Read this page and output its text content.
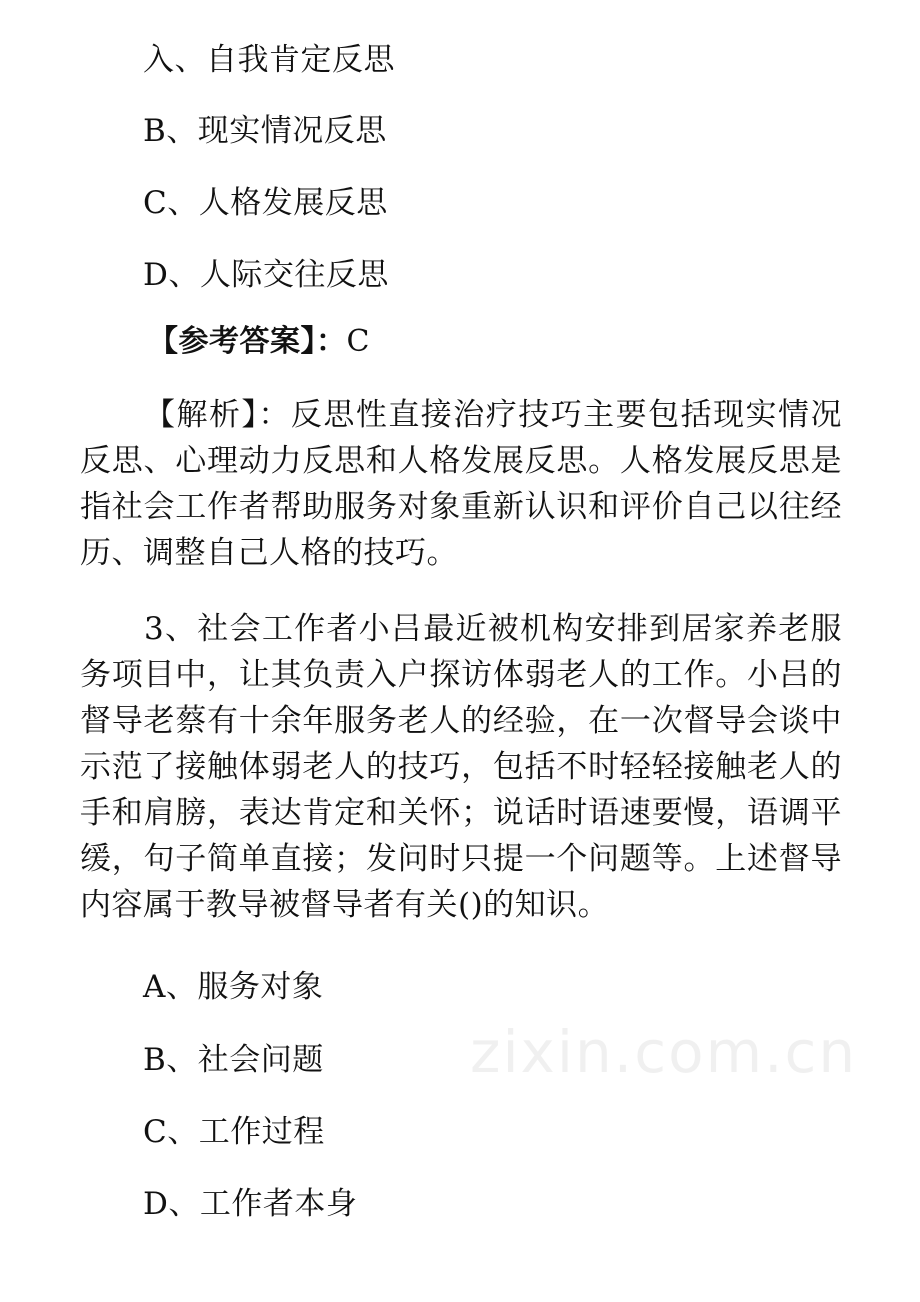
入、自我肯定反思
B、现实情况反思
C、人格发展反思
D、人际交往反思
【参考答案】：C
【解析】：反思性直接治疗技巧主要包括现实情况反思、心理动力反思和人格发展反思。人格发展反思是指社会工作者帮助服务对象重新认识和评价自己以往经历、调整自己人格的技巧。
3、社会工作者小吕最近被机构安排到居家养老服务项目中，让其负责入户探访体弱老人的工作。小吕的督导老蔡有十余年服务老人的经验，在一次督导会谈中示范了接触体弱老人的技巧，包括不时轻轻接触老人的手和肩膀，表达肯定和关怀；说话时语速要慢，语调平缓，句子简单直接；发问时只提一个问题等。上述督导内容属于教导被督导者有关()的知识。
A、服务对象
B、社会问题
C、工作过程
D、工作者本身
zixin.com.cn
